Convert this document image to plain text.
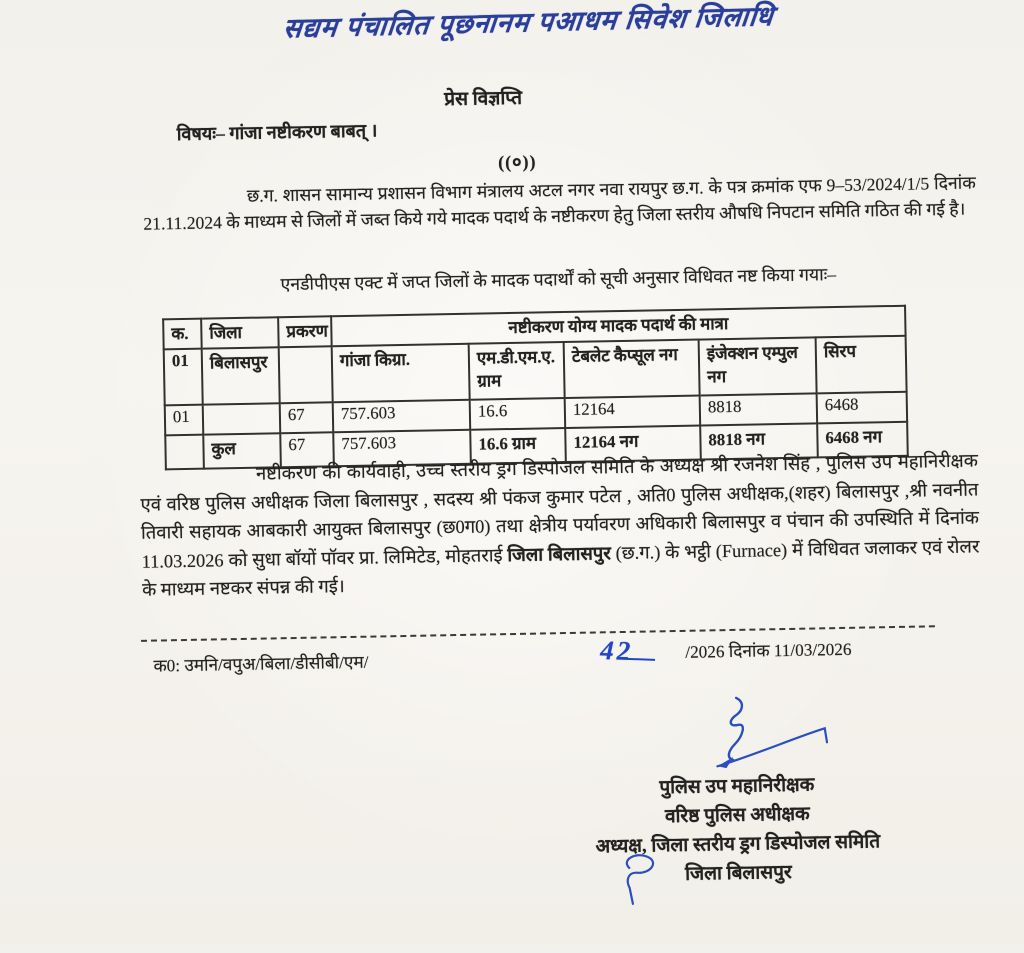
सद्यम पंचालित पूछनानम पआधम सिवेश जिलाधि
प्रेस विज्ञप्ति
विषयः– गांजा नष्टीकरण बाबत् ।
((०))
छ.ग. शासन सामान्य प्रशासन विभाग मंत्रालय अटल नगर नवा रायपुर छ.ग. के पत्र क्रमांक एफ 9–53/2024/1/5 दिनांक 21.11.2024 के माध्यम से जिलों में जब्त किये गये मादक पदार्थ के नष्टीकरण हेतु जिला स्तरीय औषधि निपटान समिति गठित की गई है।
एनडीपीएस एक्ट में जप्त जिलों के मादक पदार्थों को सूची अनुसार विधिवत नष्ट किया गयाः–
क.	जिला	प्रकरण	नष्टीकरण योग्य मादक पदार्थ की मात्रा				
01	बिलासपुर		गांजा किग्रा.	एम.डी.एम.ए. ग्राम	टेबलेट कैप्सूल नग	इंजेक्शन एम्पुल नग	सिरप
01		67	757.603	16.6	12164	8818	6468
	कुल	67	757.603	16.6 ग्राम	12164 नग	8818 नग	6468 नग
नष्टीकरण की कार्यवाही, उच्च स्तरीय ड्रग डिस्पोजल समिति के अध्यक्ष श्री रजनेश सिंह , पुलिस उप महानिरीक्षक एवं वरिष्ठ पुलिस अधीक्षक जिला बिलासपुर , सदस्य श्री पंकज कुमार पटेल , अति0 पुलिस अधीक्षक,(शहर) बिलासपुर ,श्री नवनीत तिवारी सहायक आबकारी आयुक्त बिलासपुर (छ0ग0) तथा क्षेत्रीय पर्यावरण अधिकारी बिलासपुर व पंचान की उपस्थिति में दिनांक 11.03.2026 को सुधा बॉयों पॉवर प्रा. लिमिटेड, मोहतराई जिला बिलासपुर (छ.ग.) के भट्ठी (Furnace) में विधिवत जलाकर एवं रोलर के माध्यम नष्टकर संपन्न की गई।
क0: उमनि/वपुअ/बिला/डीसीबी/एम/	42	/2026 दिनांक 11/03/2026
पुलिस उप महानिरीक्षक
वरिष्ठ पुलिस अधीक्षक
अध्यक्ष, जिला स्तरीय ड्रग डिस्पोजल समिति
जिला बिलासपुर
